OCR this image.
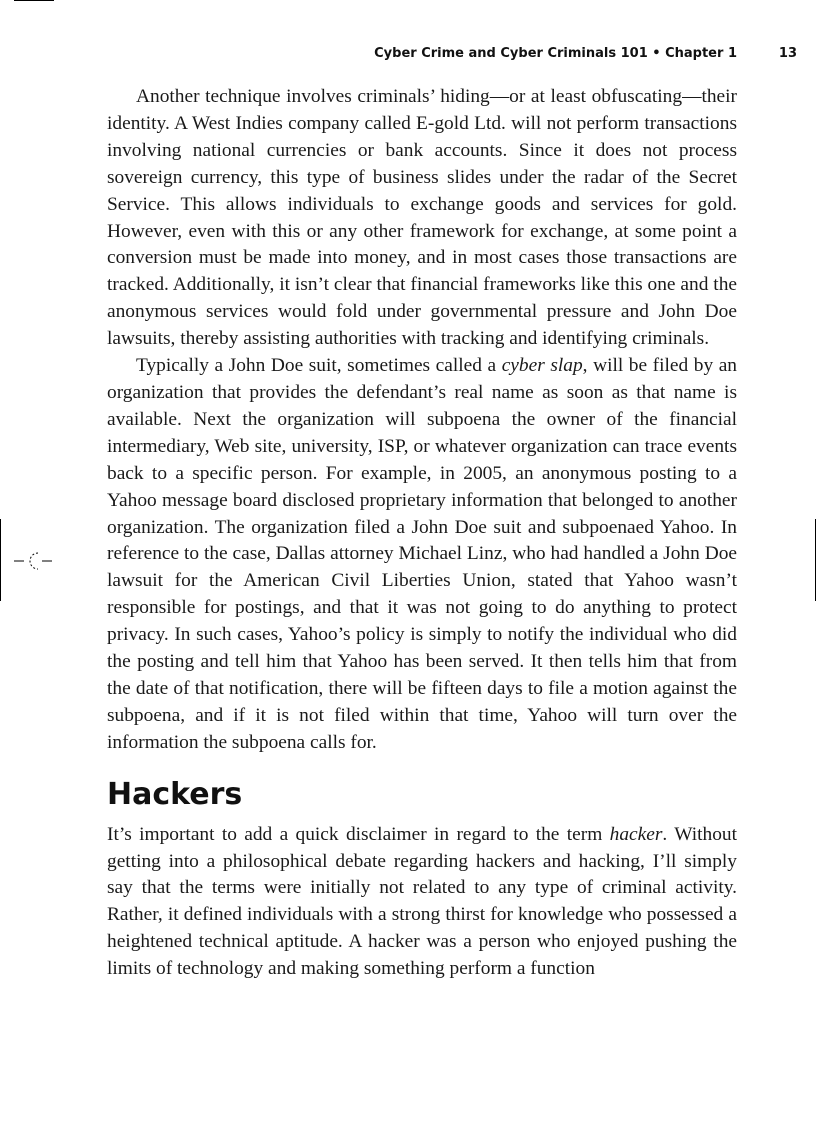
Cyber Crime and Cyber Criminals 101 • Chapter 1	13

Another technique involves criminals’ hiding—or at least obfuscating—their identity. A West Indies company called E-gold Ltd. will not perform transactions involving national currencies or bank accounts. Since it does not process sovereign currency, this type of business slides under the radar of the Secret Service. This allows individuals to exchange goods and services for gold. However, even with this or any other framework for exchange, at some point a conversion must be made into money, and in most cases those transactions are tracked. Additionally, it isn’t clear that financial frameworks like this one and the anonymous services would fold under governmental pressure and John Doe lawsuits, thereby assisting authorities with tracking and identifying criminals.

Typically a John Doe suit, sometimes called a cyber slap, will be filed by an organization that provides the defendant’s real name as soon as that name is available. Next the organization will subpoena the owner of the financial intermediary, Web site, university, ISP, or whatever organization can trace events back to a specific person. For example, in 2005, an anonymous posting to a Yahoo message board disclosed proprietary information that belonged to another organization. The organization filed a John Doe suit and subpoenaed Yahoo. In reference to the case, Dallas attorney Michael Linz, who had handled a John Doe lawsuit for the American Civil Liberties Union, stated that Yahoo wasn’t responsible for postings, and that it was not going to do anything to protect privacy. In such cases, Yahoo’s policy is simply to notify the individual who did the posting and tell him that Yahoo has been served. It then tells him that from the date of that notification, there will be fifteen days to file a motion against the subpoena, and if it is not filed within that time, Yahoo will turn over the information the subpoena calls for.

Hackers

It’s important to add a quick disclaimer in regard to the term hacker. Without getting into a philosophical debate regarding hackers and hacking, I’ll simply say that the terms were initially not related to any type of criminal activity. Rather, it defined individuals with a strong thirst for knowledge who possessed a heightened technical aptitude. A hacker was a person who enjoyed pushing the limits of technology and making something perform a function
